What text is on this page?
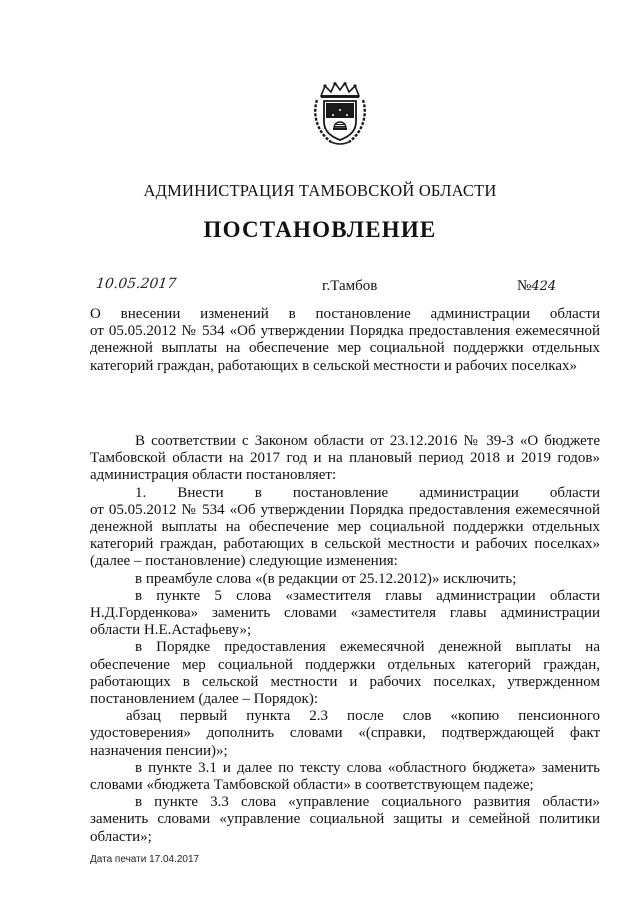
АДМИНИСТРАЦИЯ ТАМБОВСКОЙ ОБЛАСТИ
ПОСТАНОВЛЕНИЕ
10.05.2017	г.Тамбов	№424
О внесении изменений в постановление администрации области
от 05.05.2012 № 534 «Об утверждении Порядка предоставления ежемесячной
денежной выплаты на обеспечение мер социальной поддержки отдельных
категорий граждан, работающих в сельской местности и рабочих поселках»
В соответствии с Законом области от 23.12.2016 № 39-З «О бюджете
Тамбовской области на 2017 год и на плановый период 2018 и 2019 годов»
администрация области постановляет:
1. Внести в постановление администрации области
от 05.05.2012 № 534 «Об утверждении Порядка предоставления ежемесячной
денежной выплаты на обеспечение мер социальной поддержки отдельных
категорий граждан, работающих в сельской местности и рабочих поселках»
(далее – постановление) следующие изменения:
в преамбуле слова «(в редакции от 25.12.2012)» исключить;
в пункте 5 слова «заместителя главы администрации области
Н.Д.Горденкова» заменить словами «заместителя главы администрации
области Н.Е.Астафьеву»;
в Порядке предоставления ежемесячной денежной выплаты на
обеспечение мер социальной поддержки отдельных категорий граждан,
работающих в сельской местности и рабочих поселках, утвержденном
постановлением (далее – Порядок):
абзац первый пункта 2.3 после слов «копию пенсионного
удостоверения» дополнить словами «(справки, подтверждающей факт
назначения пенсии)»;
в пункте 3.1 и далее по тексту слова «областного бюджета» заменить
словами «бюджета Тамбовской области» в соответствующем падеже;
в пункте 3.3 слова «управление социального развития области»
заменить словами «управление социальной защиты и семейной политики
области»;
Дата печати 17.04.2017
